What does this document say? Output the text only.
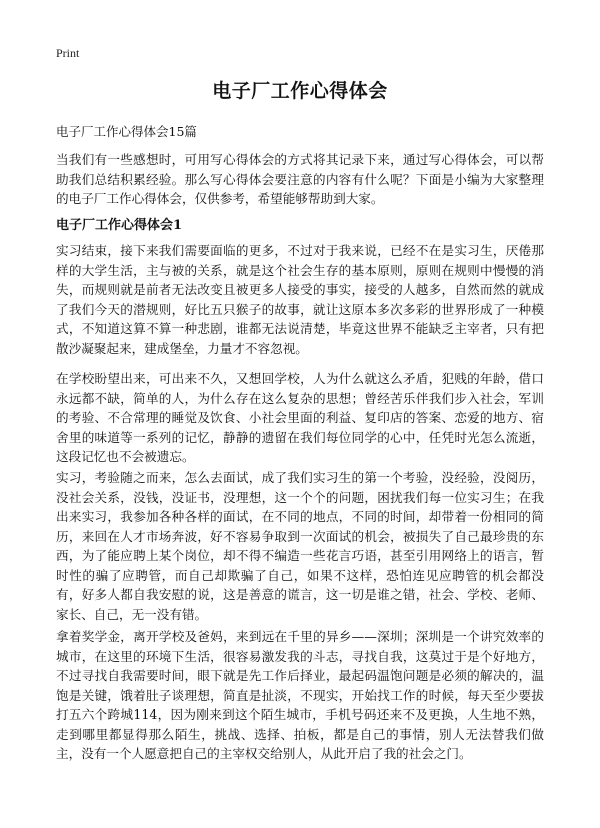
Print
电子厂工作心得体会
电子厂工作心得体会15篇

当我们有一些感想时，可用写心得体会的方式将其记录下来，通过写心得体会，可以帮助我们总结积累经验。那么写心得体会要注意的内容有什么呢？下面是小编为大家整理的电子厂工作心得体会，仅供参考，希望能够帮助到大家。

电子厂工作心得体会1

实习结束，接下来我们需要面临的更多，不过对于我来说，已经不在是实习生，厌倦那样的大学生活，主与被的关系，就是这个社会生存的基本原则，原则在规则中慢慢的消失，而规则就是前者无法改变且被更多人接受的事实，接受的人越多，自然而然的就成了我们今天的潜规则，好比五只猴子的故事，就让这原本多次多彩的世界形成了一种模式，不知道这算不算一种悲剧，谁都无法说清楚，毕竟这世界不能缺乏主宰者，只有把散沙凝聚起来，建成堡垒，力量才不容忽视。

在学校盼望出来，可出来不久，又想回学校，人为什么就这么矛盾，犯贱的年龄，借口永远都不缺，简单的人，为什么存在这么复杂的思想；曾经苦乐伴我们步入社会，军训的考验、不合常理的睡觉及饮食、小社会里面的利益、复印店的答案、恋爱的地方、宿舍里的味道等一系列的记忆，静静的遗留在我们每位同学的心中，任凭时光怎么流逝，这段记忆也不会被遗忘。

实习，考验随之而来，怎么去面试，成了我们实习生的第一个考验，没经验，没阅历，没社会关系，没钱，没证书，没理想，这一个个的问题，困扰我们每一位实习生；在我出来实习，我参加各种各样的面试，在不同的地点，不同的时间，却带着一份相同的简历，来回在人才市场奔波，好不容易争取到一次面试的机会，被损失了自己最珍贵的东西，为了能应聘上某个岗位，却不得不编造一些花言巧语，甚至引用网络上的语言，暂时性的骗了应聘管，而自己却欺骗了自己，如果不这样，恐怕连见应聘管的机会都没有，好多人都自我安慰的说，这是善意的谎言，这一切是谁之错，社会、学校、老师、家长、自己，无一没有错。

拿着奖学金，离开学校及爸妈，来到远在千里的异乡——深圳；深圳是一个讲究效率的城市，在这里的环境下生活，很容易激发我的斗志，寻找自我，这莫过于是个好地方，不过寻找自我需要时间，眼下就是先工作后择业，最起码温饱问题是必须的解决的，温饱是关键，饿着肚子谈理想，简直是扯淡，不现实，开始找工作的时候，每天至少要拔打五六个跨城114，因为刚来到这个陌生城市，手机号码还来不及更换，人生地不熟，走到哪里都显得那么陌生，挑战、选择、拍板，都是自己的事情，别人无法替我们做主，没有一个人愿意把自己的主宰权交给别人，从此开启了我的社会之门。
